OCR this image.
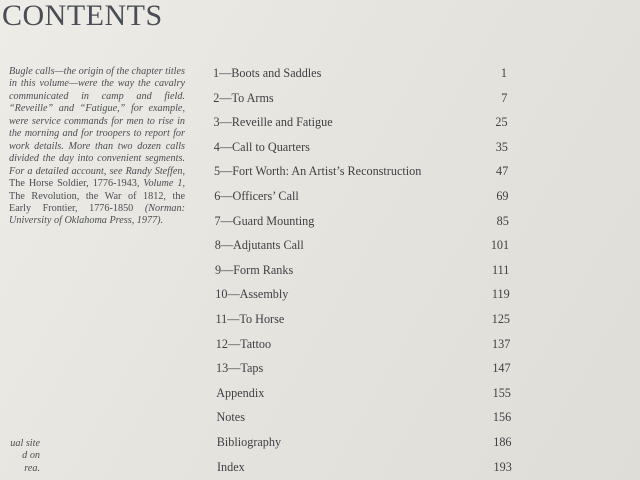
CONTENTS
Bugle calls—the origin of the chapter titles in this volume—were the way the cavalry communicated in camp and field. “Reveille” and “Fatigue,” for example, were service commands for men to rise in the morning and for troopers to report for work details. More than two dozen calls divided the day into convenient segments. For a detailed account, see Randy Steffen, The Horse Soldier, 1776-1943, Volume 1, The Revolution, the War of 1812, the Early Frontier, 1776-1850 (Norman: University of Oklahoma Press, 1977).
ual site
d on
rea.
1—Boots and Saddles	1
2—To Arms	7
3—Reveille and Fatigue	25
4—Call to Quarters	35
5—Fort Worth: An Artist’s Reconstruction	47
6—Officers’ Call	69
7—Guard Mounting	85
8—Adjutants Call	101
9—Form Ranks	111
10—Assembly	119
11—To Horse	125
12—Tattoo	137
13—Taps	147
Appendix	155
Notes	156
Bibliography	186
Index	193
